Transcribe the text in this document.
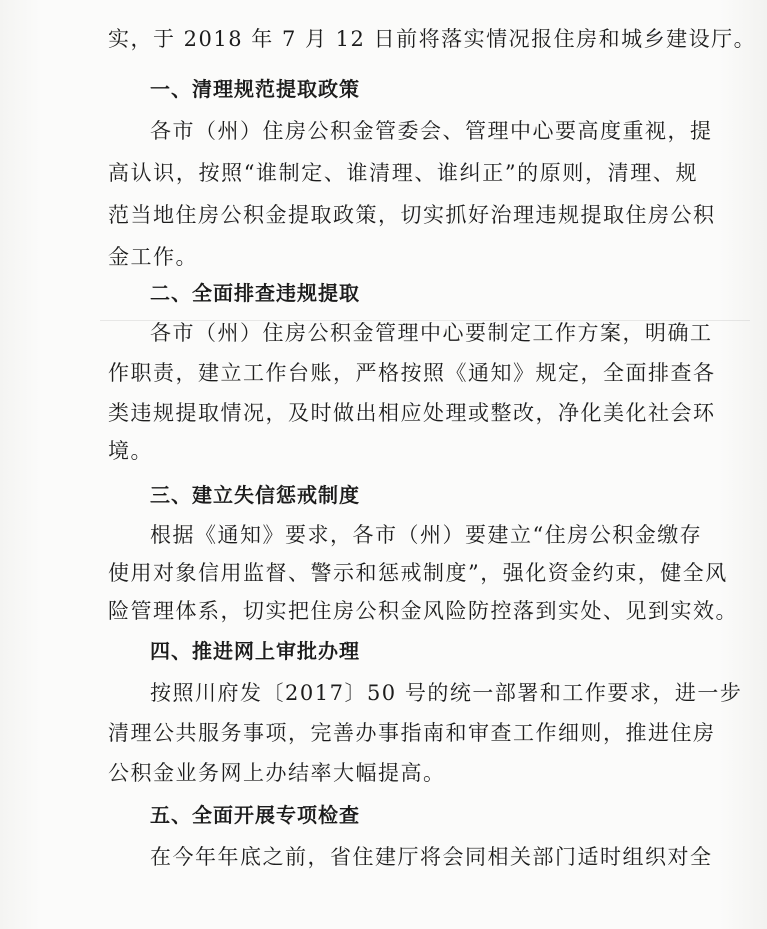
实，于 2018 年 7 月 12 日前将落实情况报住房和城乡建设厅。
一、清理规范提取政策
各市（州）住房公积金管委会、管理中心要高度重视，提
高认识，按照“谁制定、谁清理、谁纠正”的原则，清理、规
范当地住房公积金提取政策，切实抓好治理违规提取住房公积
金工作。
二、全面排查违规提取
各市（州）住房公积金管理中心要制定工作方案，明确工
作职责，建立工作台账，严格按照《通知》规定，全面排查各
类违规提取情况，及时做出相应处理或整改，净化美化社会环
境。
三、建立失信惩戒制度
根据《通知》要求，各市（州）要建立“住房公积金缴存
使用对象信用监督、警示和惩戒制度”，强化资金约束，健全风
险管理体系，切实把住房公积金风险防控落到实处、见到实效。
四、推进网上审批办理
按照川府发〔2017〕50 号的统一部署和工作要求，进一步
清理公共服务事项，完善办事指南和审查工作细则，推进住房
公积金业务网上办结率大幅提高。
五、全面开展专项检查
在今年年底之前，省住建厅将会同相关部门适时组织对全
